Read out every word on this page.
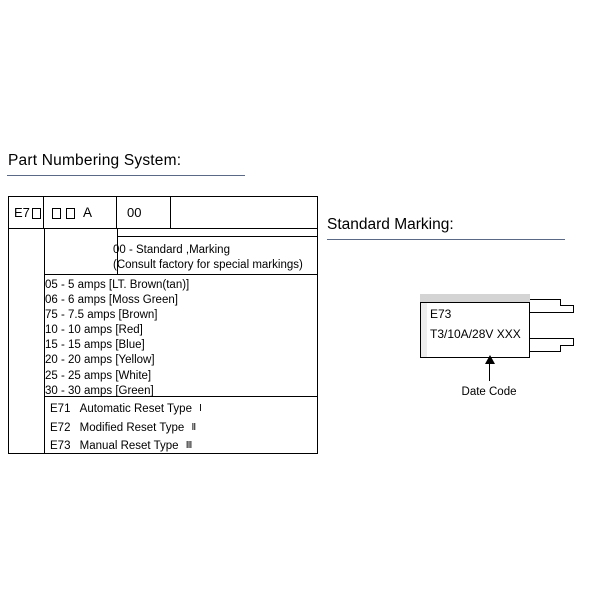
Part Numbering System:
E7	A	00
00 - Standard ,Marking
(Consult factory for special markings)
05 - 5 amps [LT. Brown(tan)]
06 - 6 amps [Moss Green]
75 - 7.5 amps [Brown]
10 - 10 amps [Red]
15 - 15 amps [Blue]
20 - 20 amps [Yellow]
25 - 25 amps [White]
30 - 30 amps [Green]
E71 Automatic Reset Type Ⅰ
E72 Modified Reset Type Ⅱ
E73 Manual Reset Type Ⅲ
Standard Marking:
E73
T3/10A/28V XXX
Date Code
